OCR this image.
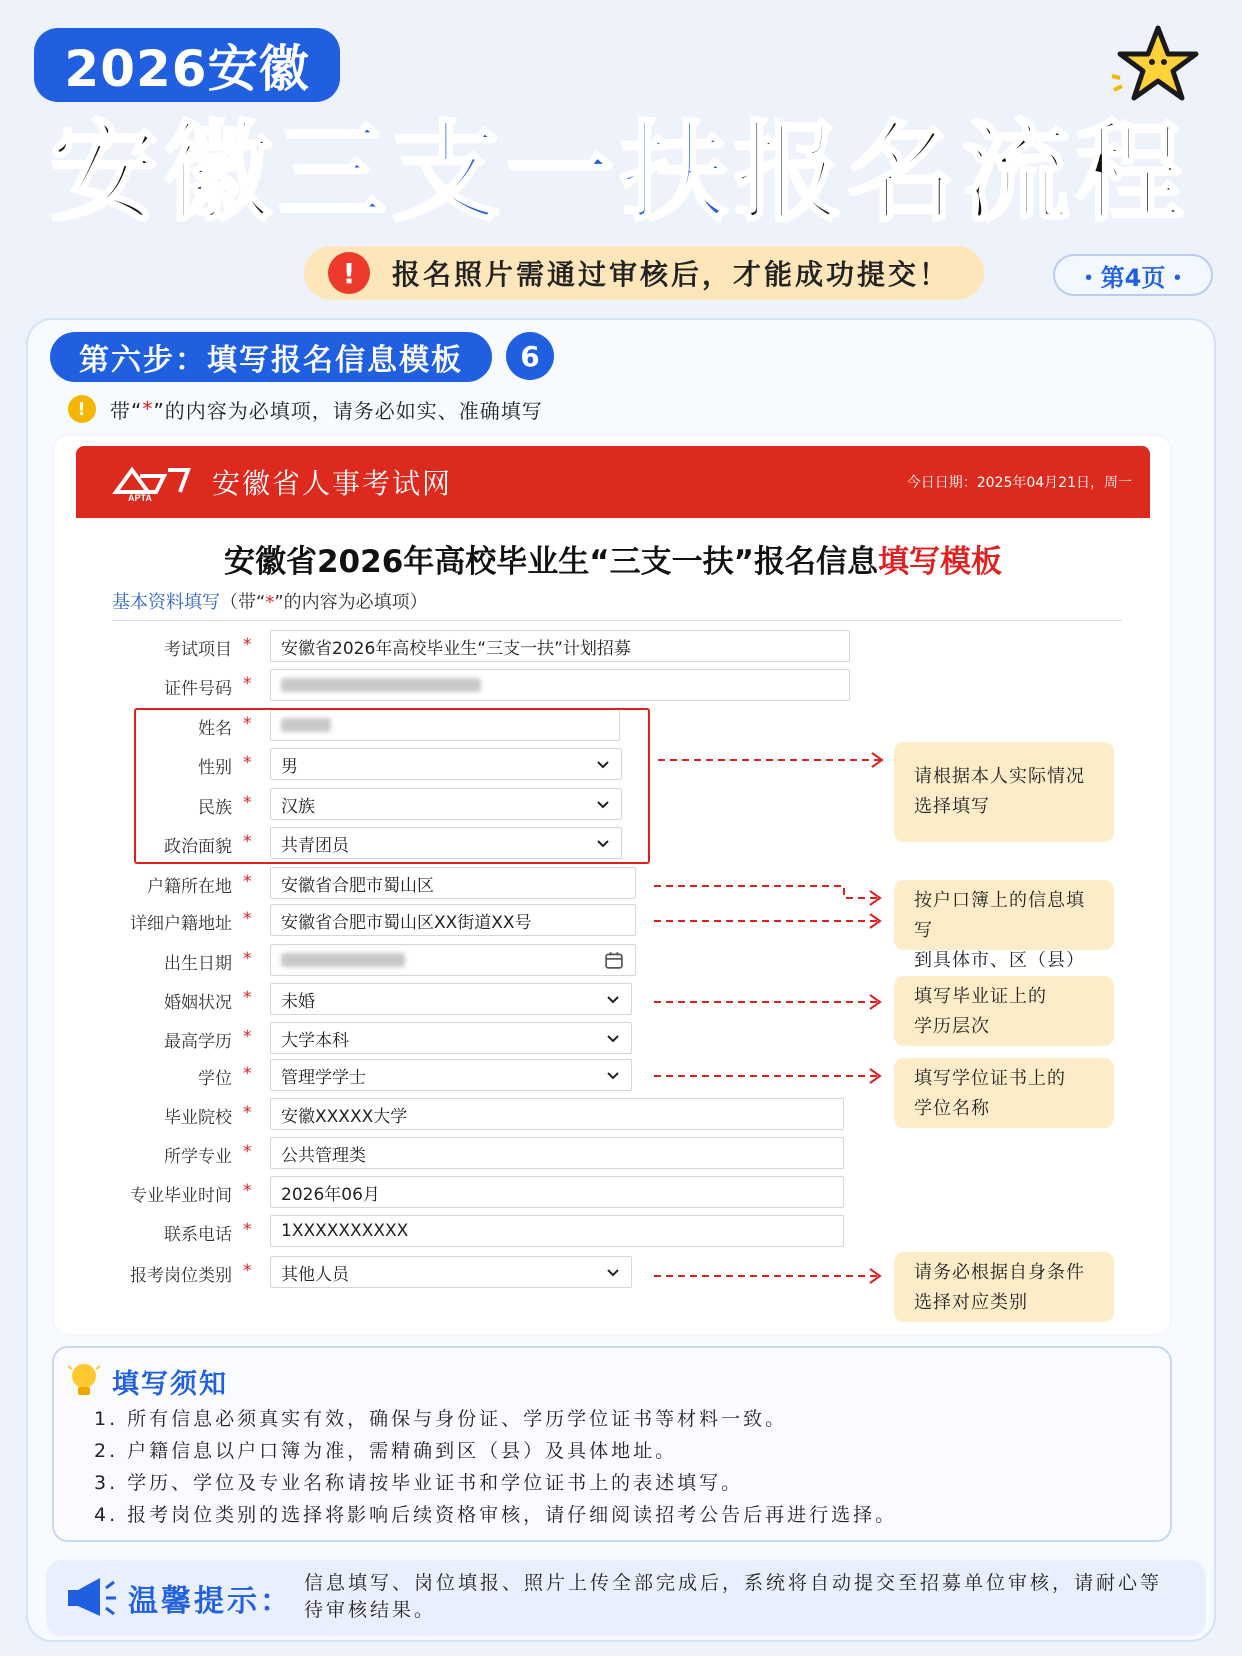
2026安徽
安徽三支一扶报名流程
!	报名照片需通过审核后，才能成功提交！	・第4页・
第六步：填写报名信息模板	6
!	带“ * ”的内容为必填项，请务必如实、准确填写
APTA 安徽省人事考试网	今日日期：2025年04月21日，周一
安徽省2026年高校毕业生“三支一扶”报名信息填写模板
基本资料填写（带“*”的内容为必填项）
考试项目 * 安徽省2026年高校毕业生“三支一扶”计划招募
证件号码 *
姓名 *
性别 * 男
民族 * 汉族
政治面貌 * 共青团员
户籍所在地 * 安徽省合肥市蜀山区
详细户籍地址 * 安徽省合肥市蜀山区XX街道XX号
出生日期 *
婚姻状况 * 未婚
最高学历 * 大学本科
学位 * 管理学学士
毕业院校 * 安徽XXXXX大学
所学专业 * 公共管理类
专业毕业时间 * 2026年06月
联系电话 * 1XXXXXXXXXX
报考岗位类别 * 其他人员
请根据本人实际情况
选择填写
按户口簿上的信息填写
到具体市、区（县）
填写毕业证上的
学历层次
填写学位证书上的
学位名称
请务必根据自身条件
选择对应类别
填写须知
1. 所有信息必须真实有效，确保与身份证、学历学位证书等材料一致。
2. 户籍信息以户口簿为准，需精确到区（县）及具体地址。
3. 学历、学位及专业名称请按毕业证书和学位证书上的表述填写。
4. 报考岗位类别的选择将影响后续资格审核，请仔细阅读招考公告后再进行选择。
温馨提示：
信息填写、岗位填报、照片上传全部完成后，系统将自动提交至招募单位审核，请耐心等待审核结果。
